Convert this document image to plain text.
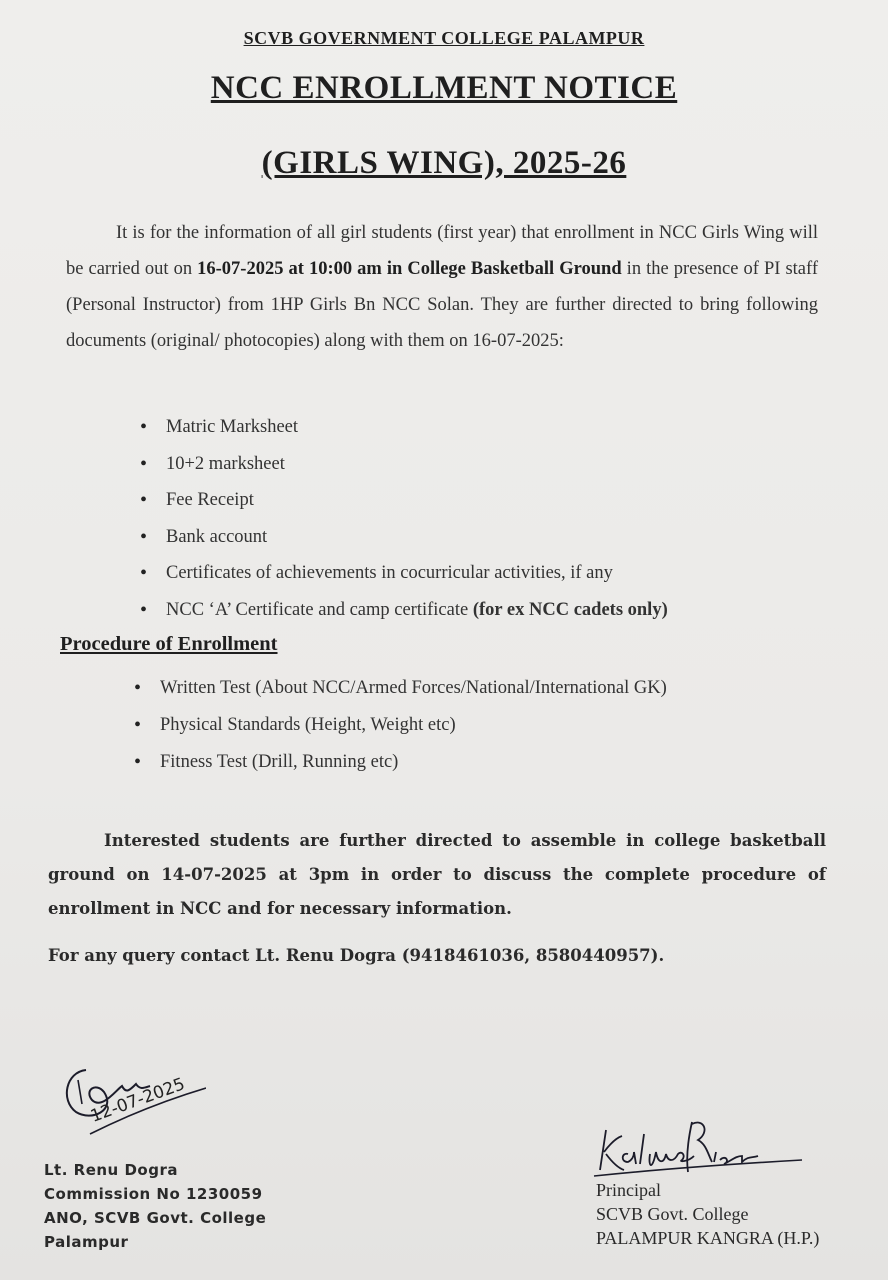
SCVB GOVERNMENT COLLEGE PALAMPUR
NCC ENROLLMENT NOTICE
(GIRLS WING), 2025-26
It is for the information of all girl students (first year) that enrollment in NCC Girls Wing will be carried out on 16-07-2025 at 10:00 am in College Basketball Ground in the presence of PI staff (Personal Instructor) from 1HP Girls Bn NCC Solan. They are further directed to bring following documents (original/ photocopies) along with them on 16-07-2025:
• Matric Marksheet
• 10+2 marksheet
• Fee Receipt
• Bank account
• Certificates of achievements in cocurricular activities, if any
• NCC ‘A’ Certificate and camp certificate (for ex NCC cadets only)
Procedure of Enrollment
• Written Test (About NCC/Armed Forces/National/International GK)
• Physical Standards (Height, Weight etc)
• Fitness Test (Drill, Running etc)
Interested students are further directed to assemble in college basketball ground on 14-07-2025 at 3pm in order to discuss the complete procedure of enrollment in NCC and for necessary information.
For any query contact Lt. Renu Dogra (9418461036, 8580440957).
12-07-2025
Lt. Renu Dogra
Commission No 1230059
ANO, SCVB Govt. College
Palampur
Principal
SCVB Govt. College
PALAMPUR KANGRA (H.P.)
